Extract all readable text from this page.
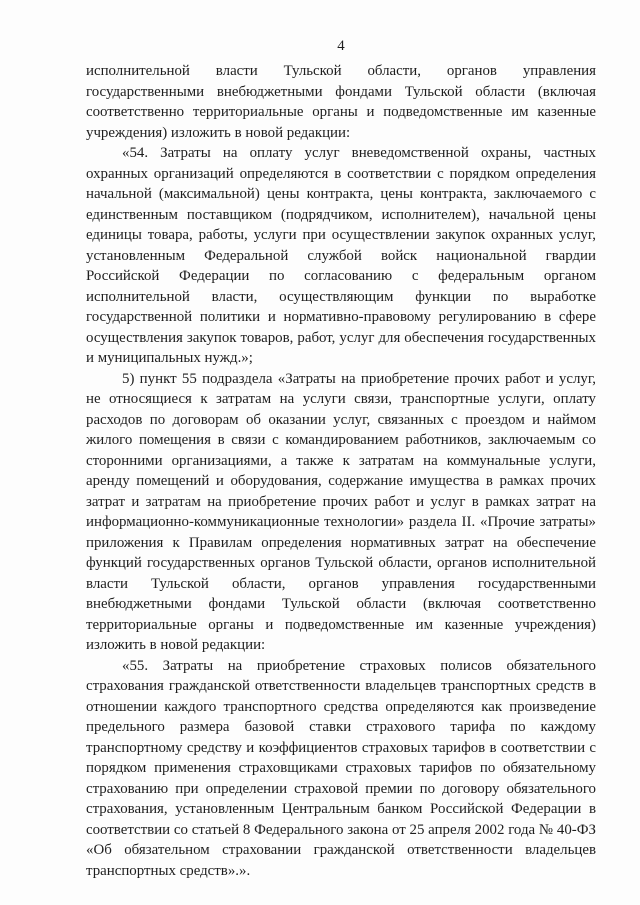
4

исполнительной власти Тульской области, органов управления государственными внебюджетными фондами Тульской области (включая соответственно территориальные органы и подведомственные им казенные учреждения) изложить в новой редакции:

«54. Затраты на оплату услуг вневедомственной охраны, частных охранных организаций определяются в соответствии с порядком определения начальной (максимальной) цены контракта, цены контракта, заключаемого с единственным поставщиком (подрядчиком, исполнителем), начальной цены единицы товара, работы, услуги при осуществлении закупок охранных услуг, установленным Федеральной службой войск национальной гвардии Российской Федерации по согласованию с федеральным органом исполнительной власти, осуществляющим функции по выработке государственной политики и нормативно-правовому регулированию в сфере осуществления закупок товаров, работ, услуг для обеспечения государственных и муниципальных нужд.»;

5) пункт 55 подраздела «Затраты на приобретение прочих работ и услуг, не относящиеся к затратам на услуги связи, транспортные услуги, оплату расходов по договорам об оказании услуг, связанных с проездом и наймом жилого помещения в связи с командированием работников, заключаемым со сторонними организациями, а также к затратам на коммунальные услуги, аренду помещений и оборудования, содержание имущества в рамках прочих затрат и затратам на приобретение прочих работ и услуг в рамках затрат на информационно-коммуникационные технологии» раздела II. «Прочие затраты» приложения к Правилам определения нормативных затрат на обеспечение функций государственных органов Тульской области, органов исполнительной власти Тульской области, органов управления государственными внебюджетными фондами Тульской области (включая соответственно территориальные органы и подведомственные им казенные учреждения) изложить в новой редакции:

«55. Затраты на приобретение страховых полисов обязательного страхования гражданской ответственности владельцев транспортных средств в отношении каждого транспортного средства определяются как произведение предельного размера базовой ставки страхового тарифа по каждому транспортному средству и коэффициентов страховых тарифов в соответствии с порядком применения страховщиками страховых тарифов по обязательному страхованию при определении страховой премии по договору обязательного страхования, установленным Центральным банком Российской Федерации в соответствии со статьей 8 Федерального закона от 25 апреля 2002 года № 40-ФЗ «Об обязательном страховании гражданской ответственности владельцев транспортных средств».».
